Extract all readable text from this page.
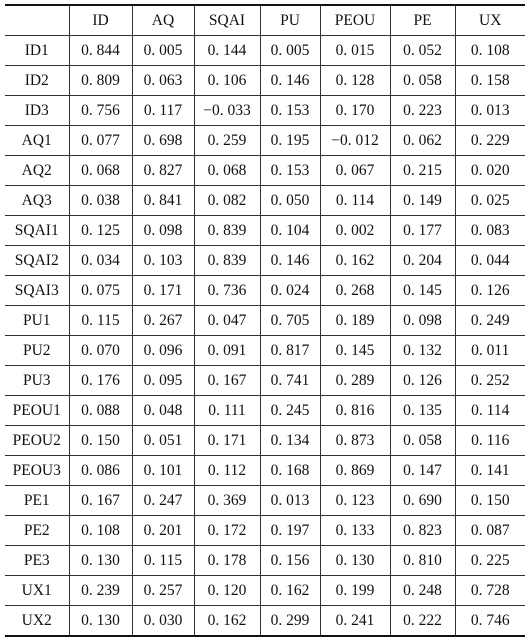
	ID	AQ	SQAI	PU	PEOU	PE	UX
ID1	0. 844	0. 005	0. 144	0. 005	0. 015	0. 052	0. 108
ID2	0. 809	0. 063	0. 106	0. 146	0. 128	0. 058	0. 158
ID3	0. 756	0. 117	−0. 033	0. 153	0. 170	0. 223	0. 013
AQ1	0. 077	0. 698	0. 259	0. 195	−0. 012	0. 062	0. 229
AQ2	0. 068	0. 827	0. 068	0. 153	0. 067	0. 215	0. 020
AQ3	0. 038	0. 841	0. 082	0. 050	0. 114	0. 149	0. 025
SQAI1	0. 125	0. 098	0. 839	0. 104	0. 002	0. 177	0. 083
SQAI2	0. 034	0. 103	0. 839	0. 146	0. 162	0. 204	0. 044
SQAI3	0. 075	0. 171	0. 736	0. 024	0. 268	0. 145	0. 126
PU1	0. 115	0. 267	0. 047	0. 705	0. 189	0. 098	0. 249
PU2	0. 070	0. 096	0. 091	0. 817	0. 145	0. 132	0. 011
PU3	0. 176	0. 095	0. 167	0. 741	0. 289	0. 126	0. 252
PEOU1	0. 088	0. 048	0. 111	0. 245	0. 816	0. 135	0. 114
PEOU2	0. 150	0. 051	0. 171	0. 134	0. 873	0. 058	0. 116
PEOU3	0. 086	0. 101	0. 112	0. 168	0. 869	0. 147	0. 141
PE1	0. 167	0. 247	0. 369	0. 013	0. 123	0. 690	0. 150
PE2	0. 108	0. 201	0. 172	0. 197	0. 133	0. 823	0. 087
PE3	0. 130	0. 115	0. 178	0. 156	0. 130	0. 810	0. 225
UX1	0. 239	0. 257	0. 120	0. 162	0. 199	0. 248	0. 728
UX2	0. 130	0. 030	0. 162	0. 299	0. 241	0. 222	0. 746
